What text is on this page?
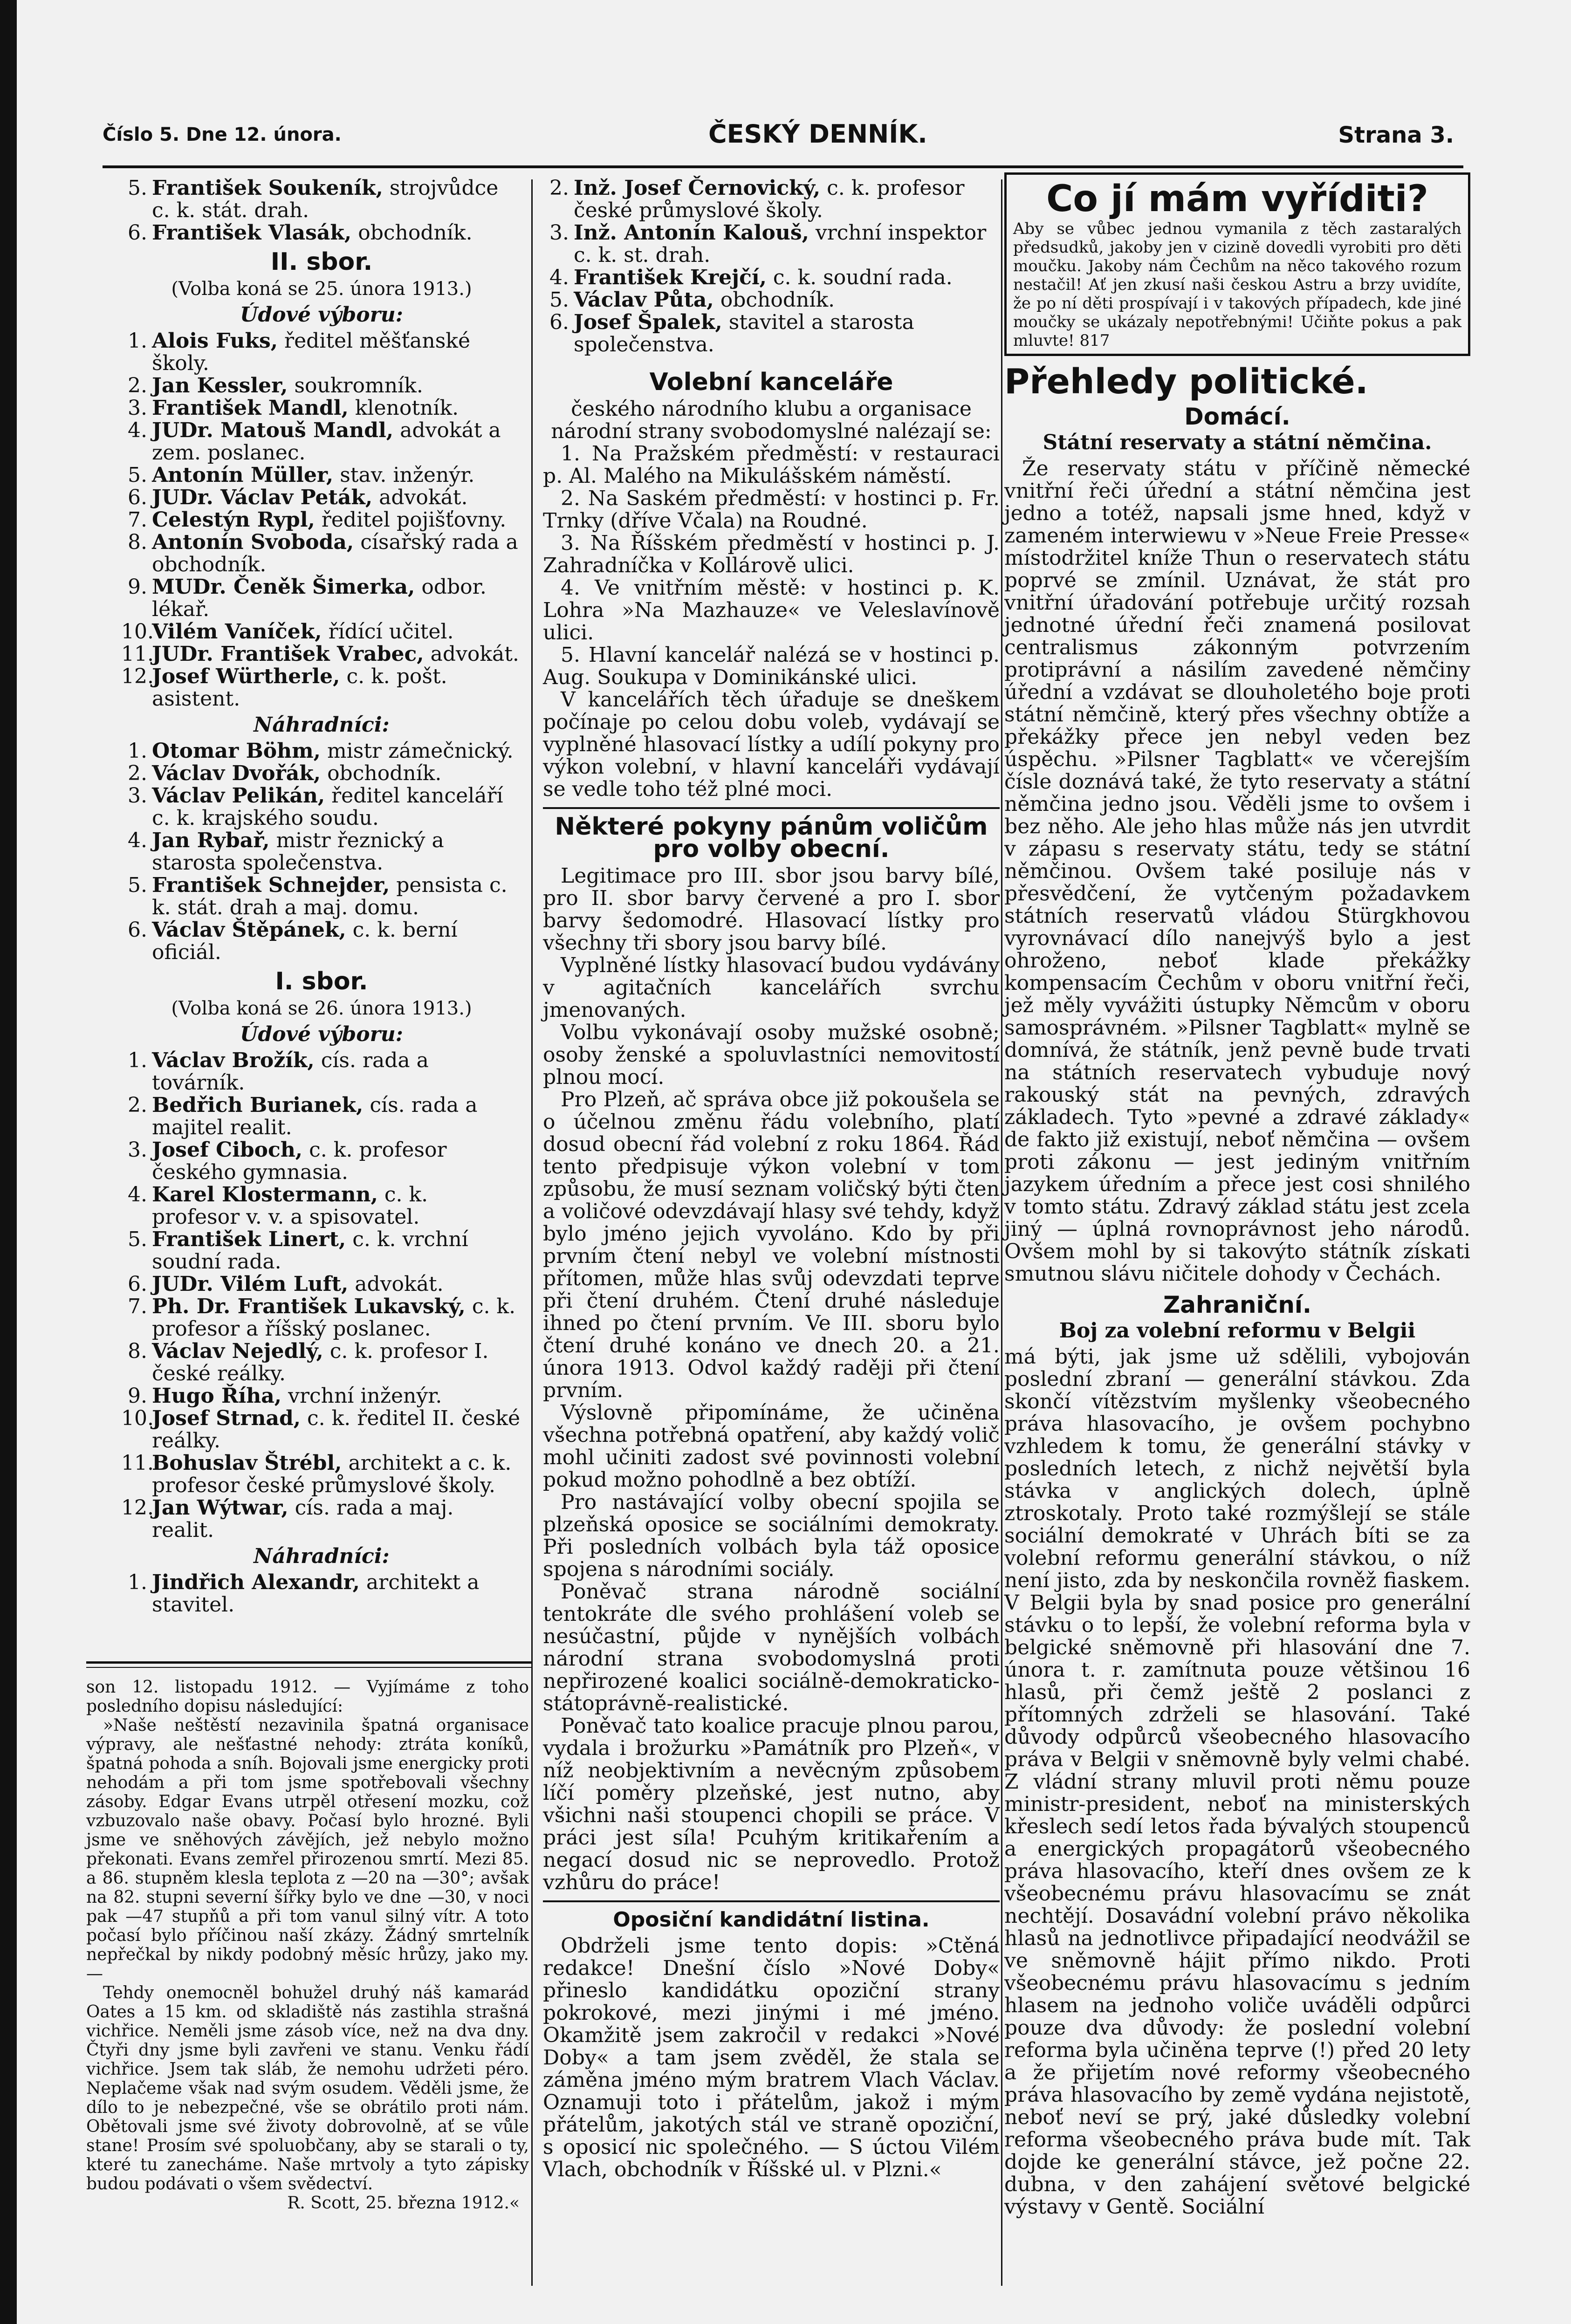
Číslo 5. Dne 12. února.	ČESKÝ DENNÍK.	Strana 3.
5. František Soukeník, strojvůdce c. k. stát. drah.
6. František Vlasák, obchodník.
II. sbor.
(Volba koná se 25. února 1913.)
Údové výboru:
1. Alois Fuks, ředitel měšťanské školy.
2. Jan Kessler, soukromník.
3. František Mandl, klenotník.
4. JUDr. Matouš Mandl, advokát a zem. poslanec.
5. Antonín Müller, stav. inženýr.
6. JUDr. Václav Peták, advokát.
7. Celestýn Rypl, ředitel pojišťovny.
8. Antonín Svoboda, císařský rada a obchodník.
9. MUDr. Čeněk Šimerka, odbor. lékař.
10.
Vilém Vaníček, řídící učitel.
11.
JUDr. František Vrabec, advokát.
12.
Josef Würtherle, c. k. pošt. asistent.
Náhradníci:
1. Otomar Böhm, mistr zámečnický.
2. Václav Dvořák, obchodník.
3. Václav Pelikán, ředitel kanceláří c. k. krajského soudu.
4. Jan Rybař, mistr řeznický a starosta společenstva.
5. František Schnejder, pensista c. k. stát. drah a maj. domu.
6. Václav Štěpánek, c. k. berní oficiál.
I. sbor.
(Volba koná se 26. února 1913.)
Údové výboru:
1. Václav Brožík, cís. rada a továrník.
2. Bedřich Burianek, cís. rada a majitel realit.
3. Josef Ciboch, c. k. profesor českého gymnasia.
4. Karel Klostermann, c. k. profesor v. v. a spisovatel.
5. František Linert, c. k. vrchní soudní rada.
6. JUDr. Vilém Luft, advokát.
7. Ph. Dr. František Lukavský, c. k. profesor a říšský poslanec.
8. Václav Nejedlý, c. k. profesor I. české reálky.
9. Hugo Říha, vrchní inženýr.
10.
Josef Strnad, c. k. ředitel II. české reálky.
11.
Bohuslav Štrébl, architekt a c. k. profesor české průmyslové školy.
12.
Jan Wýtwar, cís. rada a maj. realit.
Náhradníci:
1. Jindřich Alexandr, architekt a stavitel.

son 12. listopadu 1912. — Vyjímáme z toho posledního dopisu následující:

»Naše neštěstí nezavinila špatná organisace výpravy, ale nešťastné nehody: ztráta koníků, špatná pohoda a sníh. Bojovali jsme energicky proti nehodám a při tom jsme spotřebovali všechny zásoby. Edgar Evans utrpěl otřesení mozku, což vzbuzovalo naše obavy. Počasí bylo hrozné. Byli jsme ve sněhových závějích, jež nebylo možno překonati. Evans zemřel přirozenou smrtí. Mezi 85. a 86. stupněm klesla teplota z —20 na —30°; avšak na 82. stupni severní šířky bylo ve dne —30, v noci pak —47 stupňů a při tom vanul silný vítr. A toto počasí bylo příčinou naší zkázy. Žádný smrtelník nepřečkal by nikdy podobný měsíc hrůzy, jako my. —

Tehdy onemocněl bohužel druhý náš kamarád Oates a 15 km. od skladiště nás zastihla strašná vichřice. Neměli jsme zásob více, než na dva dny. Čtyři dny jsme byli zavřeni ve stanu. Venku řádí vichřice. Jsem tak sláb, že nemohu udržeti péro. Neplačeme však nad svým osudem. Věděli jsme, že dílo to je nebezpečné, vše se obrátilo proti nám. Obětovali jsme své životy dobrovolně, ať se vůle stane! Prosím své spoluobčany, aby se starali o ty, které tu zanecháme. Naše mrtvoly a tyto zápisky budou podávati o všem svědectví.

R. Scott, 25. března 1912.«
2. Inž. Josef Černovický, c. k. profesor české průmyslové školy.
3. Inž. Antonín Kalouš, vrchní inspektor c. k. st. drah.
4. František Krejčí, c. k. soudní rada.
5. Václav Půta, obchodník.
6. Josef Špalek, stavitel a starosta společenstva.
Volební kanceláře

českého národního klubu a organisace národní strany svobodomyslné nalézají se:

1. Na Pražském předměstí: v restauraci p. Al. Malého na Mikulášském náměstí.

2. Na Saském předměstí: v hostinci p. Fr. Trnky (dříve Včala) na Roudné.

3. Na Říšském předměstí v hostinci p. J. Zahradníčka v Kollárově ulici.

4. Ve vnitřním městě: v hostinci p. K. Lohra »Na Mazhauze« ve Veleslavínově ulici.

5. Hlavní kancelář nalézá se v hostinci p. Aug. Soukupa v Dominikánské ulici.

V kancelářích těch úřaduje se dneškem počínaje po celou dobu voleb, vydávají se vyplněné hlasovací lístky a udílí pokyny pro výkon volební, v hlavní kanceláři vydávají se vedle toho též plné moci.

Některé pokyny pánům voličům pro volby obecní.

Legitimace pro III. sbor jsou barvy bílé, pro II. sbor barvy červené a pro I. sbor barvy šedomodré. Hlasovací lístky pro všechny tři sbory jsou barvy bílé.

Vyplněné lístky hlasovací budou vydávány v agitačních kancelářích svrchu jmenovaných.

Volbu vykonávají osoby mužské osobně; osoby ženské a spoluvlastníci nemovitostí plnou mocí.

Pro Plzeň, ač správa obce již pokoušela se o účelnou změnu řádu volebního, platí dosud obecní řád volební z roku 1864. Řád tento předpisuje výkon volební v tom způsobu, že musí seznam voličský býti čten a voličové odevzdávají hlasy své tehdy, když bylo jméno jejich vyvoláno. Kdo by při prvním čtení nebyl ve volební místnosti přítomen, může hlas svůj odevzdati teprve při čtení druhém. Čtení druhé následuje ihned po čtení prvním. Ve III. sboru bylo čtení druhé konáno ve dnech 20. a 21. února 1913. Odvol každý raději při čtení prvním.

Výslovně připomínáme, že učiněna všechna potřebná opatření, aby každý volič mohl učiniti zadost své povinnosti volební pokud možno pohodlně a bez obtíží.

Pro nastávající volby obecní spojila se plzeňská oposice se sociálními demokraty. Při posledních volbách byla táž oposice spojena s národními sociály.

Poněvač strana národně sociální tentokráte dle svého prohlášení voleb se nesúčastní, půjde v nynějších volbách národní strana svobodomyslná proti nepřirozené koalici sociálně-demokraticko-státoprávně-realistické.

Poněvač tato koalice pracuje plnou parou, vydala i brožurku »Památník pro Plzeň«, v níž neobjektivním a nevěcným způsobem líčí poměry plzeňské, jest nutno, aby všichni naši stoupenci chopili se práce. V práci jest síla! Pcuhým kritikařením a negací dosud nic se neprovedlo. Protož vzhůru do práce!

Oposiční kandidátní listina.

Obdrželi jsme tento dopis: »Ctěná redakce! Dnešní číslo »Nové Doby« přineslo kandidátku opoziční strany pokrokové, mezi jinými i mé jméno. Okamžitě jsem zakročil v redakci »Nové Doby« a tam jsem zvěděl, že stala se záměna jméno mým bratrem Vlach Václav. Oznamuji toto i přátelům, jakož i mým přátelům, jakotých stál ve straně opoziční, s oposicí nic společného. — S úctou Vilém Vlach, obchodník v Říšské ul. v Plzni.«

Co jí mám vyříditi?

Aby se vůbec jednou vymanila z těch zastaralých předsudků, jakoby jen v cizině dovedli vyrobiti pro děti moučku. Jakoby nám Čechům na něco takového rozum nestačil! Ať jen zkusí naši českou Astru a brzy uvidíte, že po ní děti prospívají i v takových případech, kde jiné moučky se ukázaly nepotřebnými! Učiňte pokus a pak mluvte! 817

Přehledy politické.
Domácí.
Státní reservaty a státní němčina.

Že reservaty státu v příčině německé vnitřní řeči úřední a státní němčina jest jedno a totéž, napsali jsme hned, když v zameném interwiewu v »Neue Freie Presse« místodržitel kníže Thun o reservatech státu poprvé se zmínil. Uznávat, že stát pro vnitřní úřadování potřebuje určitý rozsah jednotné úřední řeči znamená posilovat centralismus zákonným potvrzením protiprávní a násilím zavedené němčiny úřední a vzdávat se dlouholetého boje proti státní němčině, který přes všechny obtíže a překážky přece jen nebyl veden bez úspěchu. »Pilsner Tagblatt« ve včerejším čísle doznává také, že tyto reservaty a státní němčina jedno jsou. Věděli jsme to ovšem i bez něho. Ale jeho hlas může nás jen utvrdit v zápasu s reservaty státu, tedy se státní němčinou. Ovšem také posiluje nás v přesvědčení, že vytčeným požadavkem státních reservatů vládou Stürgkhovou vyrovnávací dílo nanejvýš bylo a jest ohroženo, neboť klade překážky kompensacím Čechům v oboru vnitřní řeči, jež měly vyvážiti ústupky Němcům v oboru samosprávném. »Pilsner Tagblatt« mylně se domnívá, že státník, jenž pevně bude trvati na státních reservatech vybuduje nový rakouský stát na pevných, zdravých základech. Tyto »pevné a zdravé základy« de fakto již existují, neboť němčina — ovšem proti zákonu — jest jediným vnitřním jazykem úředním a přece jest cosi shnilého v tomto státu. Zdravý základ státu jest zcela jiný — úplná rovnoprávnost jeho národů. Ovšem mohl by si takovýto státník získati smutnou slávu ničitele dohody v Čechách.

Zahraniční.
Boj za volební reformu v Belgii

má býti, jak jsme už sdělili, vybojován poslední zbraní — generální stávkou. Zda skončí vítězstvím myšlenky všeobecného práva hlasovacího, je ovšem pochybno vzhledem k tomu, že generální stávky v posledních letech, z nichž největší byla stávka v anglických dolech, úplně ztroskotaly. Proto také rozmýšlejí se stále sociální demokraté v Uhrách bíti se za volební reformu generální stávkou, o níž není jisto, zda by neskončila rovněž fiaskem. V Belgii byla by snad posice pro generální stávku o to lepší, že volební reforma byla v belgické sněmovně při hlasování dne 7. února t. r. zamítnuta pouze většinou 16 hlasů, při čemž ještě 2 poslanci z přítomných zdrželi se hlasování. Také důvody odpůrců všeobecného hlasovacího práva v Belgii v sněmovně byly velmi chabé. Z vládní strany mluvil proti němu pouze ministr-president, neboť na ministerských křeslech sedí letos řada bývalých stoupenců a energických propagátorů všeobecného práva hlasovacího, kteří dnes ovšem ze k všeobecnému právu hlasovacímu se znát nechtějí. Dosavádní volební právo několika hlasů na jednotlivce připadající neodvážil se ve sněmovně hájit přímo nikdo. Proti všeobecnému právu hlasovacímu s jedním hlasem na jednoho voliče uváděli odpůrci pouze dva důvody: že poslední volební reforma byla učiněna teprve (!) před 20 lety a že přijetím nové reformy všeobecného práva hlasovacího by země vydána nejistotě, neboť neví se prý, jaké důsledky volební reforma všeobecného práva bude mít. Tak dojde ke generální stávce, jež počne 22. dubna, v den zahájení světové belgické výstavy v Gentě. Sociální
